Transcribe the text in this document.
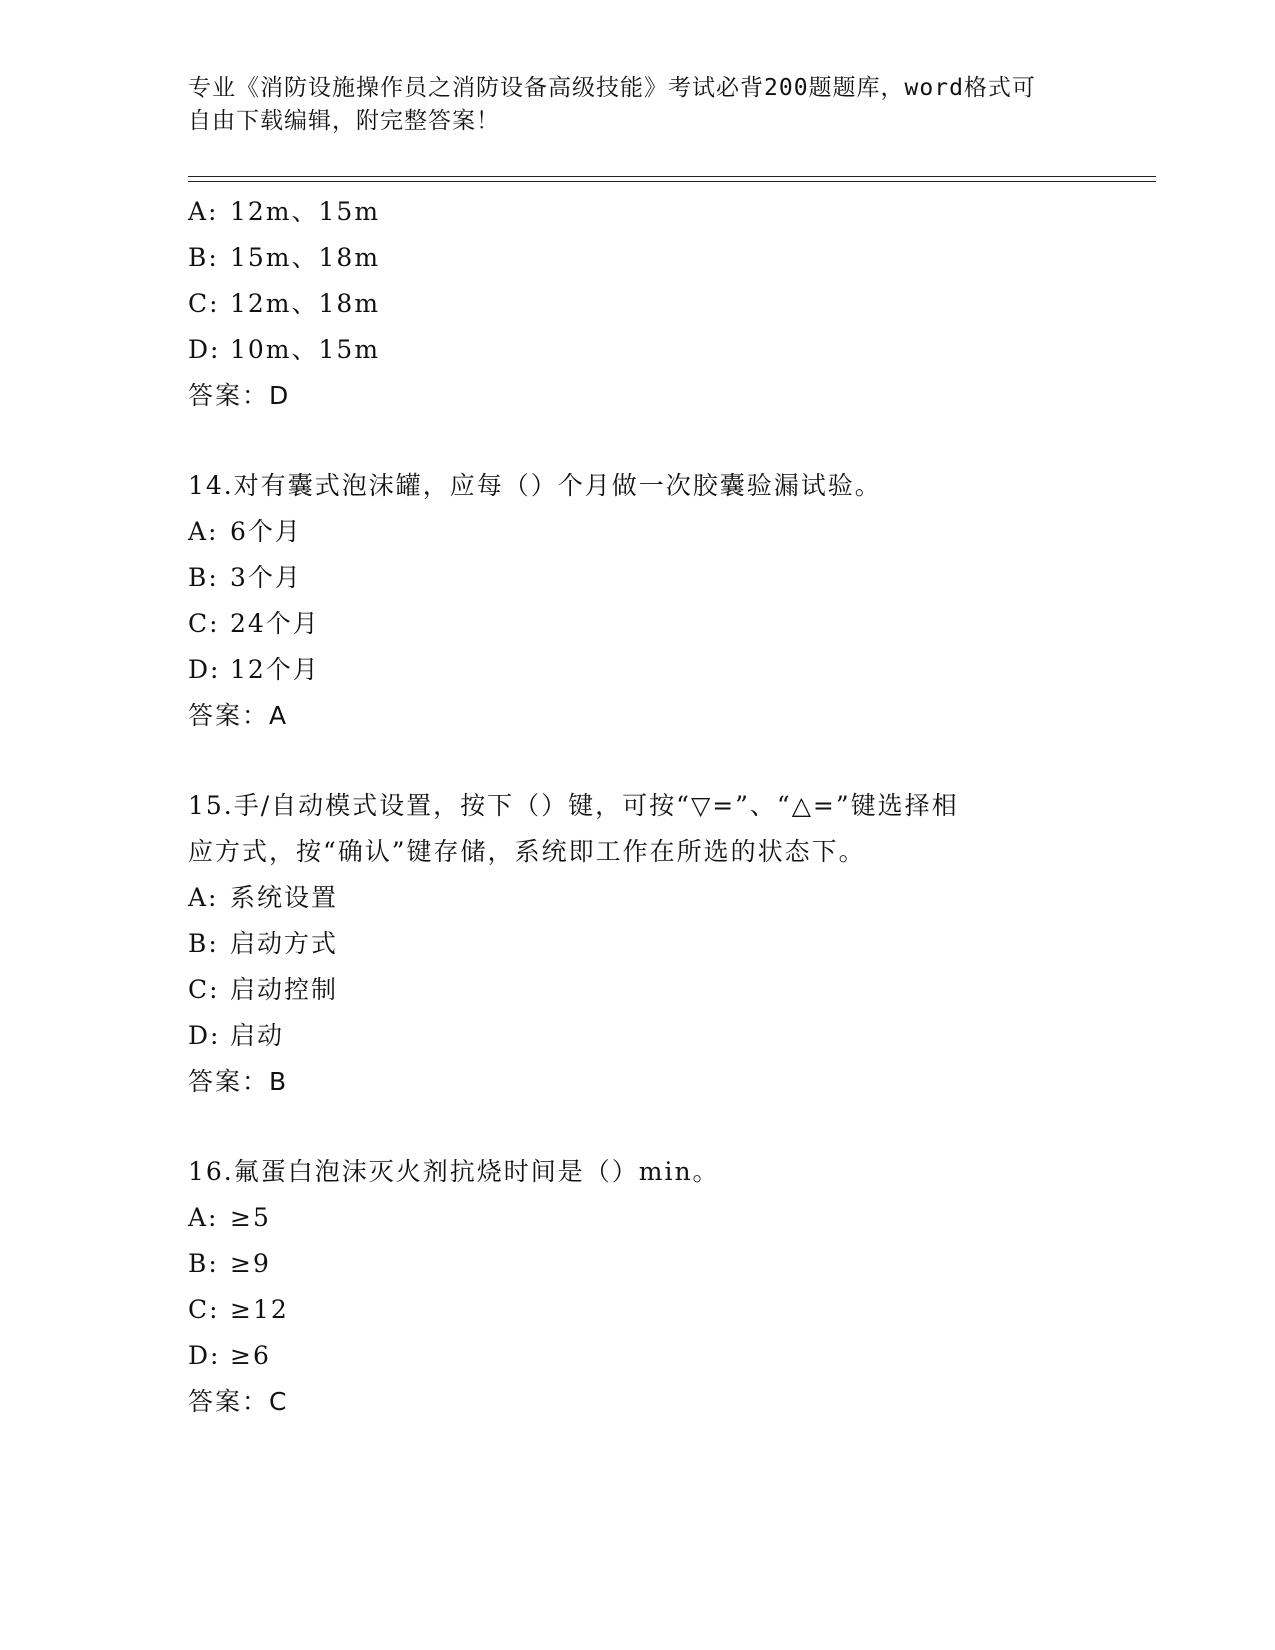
专业《消防设施操作员之消防设备高级技能》考试必背200题题库，word格式可
自由下载编辑，附完整答案！
A: 12m、15m
B: 15m、18m
C: 12m、18m
D: 10m、15m
答案：D
14.对有囊式泡沫罐，应每（）个月做一次胶囊验漏试验。
A: 6个月
B: 3个月
C: 24个月
D: 12个月
答案：A
15.手/自动模式设置，按下（）键，可按“▽=”、“△=”键选择相
应方式，按“确认”键存储，系统即工作在所选的状态下。
A: 系统设置
B: 启动方式
C: 启动控制
D: 启动
答案：B
16.氟蛋白泡沫灭火剂抗烧时间是（）min。
A: ≥5
B: ≥9
C: ≥12
D: ≥6
答案：C
